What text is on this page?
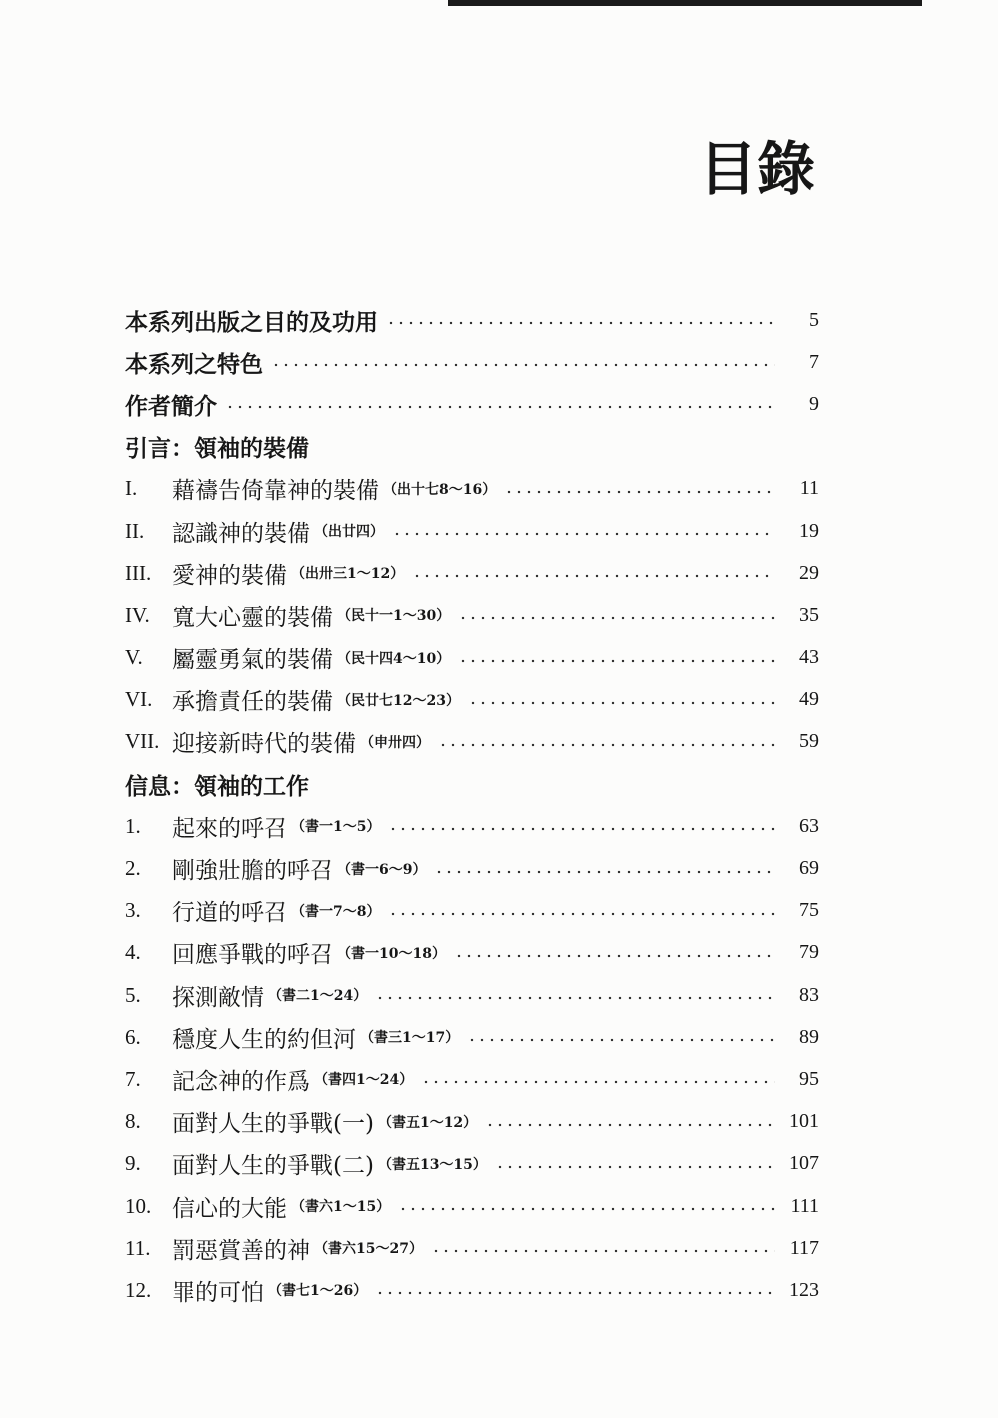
目錄
本系列出版之目的及功用	5
本系列之特色	7
作者簡介	9
引言：領袖的裝備
I.	藉禱告倚靠神的裝備 （出十七8～16）	11
II.	認識神的裝備 （出廿四）	19
III. 愛神的裝備 （出卅三1～12）	29
IV. 寬大心靈的裝備 （民十一1～30）	35
V.	屬靈勇氣的裝備 （民十四4～10）	43
VI. 承擔責任的裝備 （民廿七12～23）	49
VII. 迎接新時代的裝備 （申卅四）	59
信息：領袖的工作
1.	起來的呼召 （書一1～5）	63
2.	剛強壯膽的呼召 （書一6～9）	69
3.	行道的呼召 （書一7～8）	75
4.	回應爭戰的呼召 （書一10～18）	79
5.	探測敵情 （書二1～24）	83
6.	穩度人生的約但河 （書三1～17）	89
7.	記念神的作爲 （書四1～24）	95
8.	面對人生的爭戰(一) （書五1～12）	101
9.	面對人生的爭戰(二) （書五13～15）	107
10. 信心的大能 （書六1～15）	111
11. 罰惡賞善的神 （書六15～27）	117
12. 罪的可怕 （書七1～26）	123
